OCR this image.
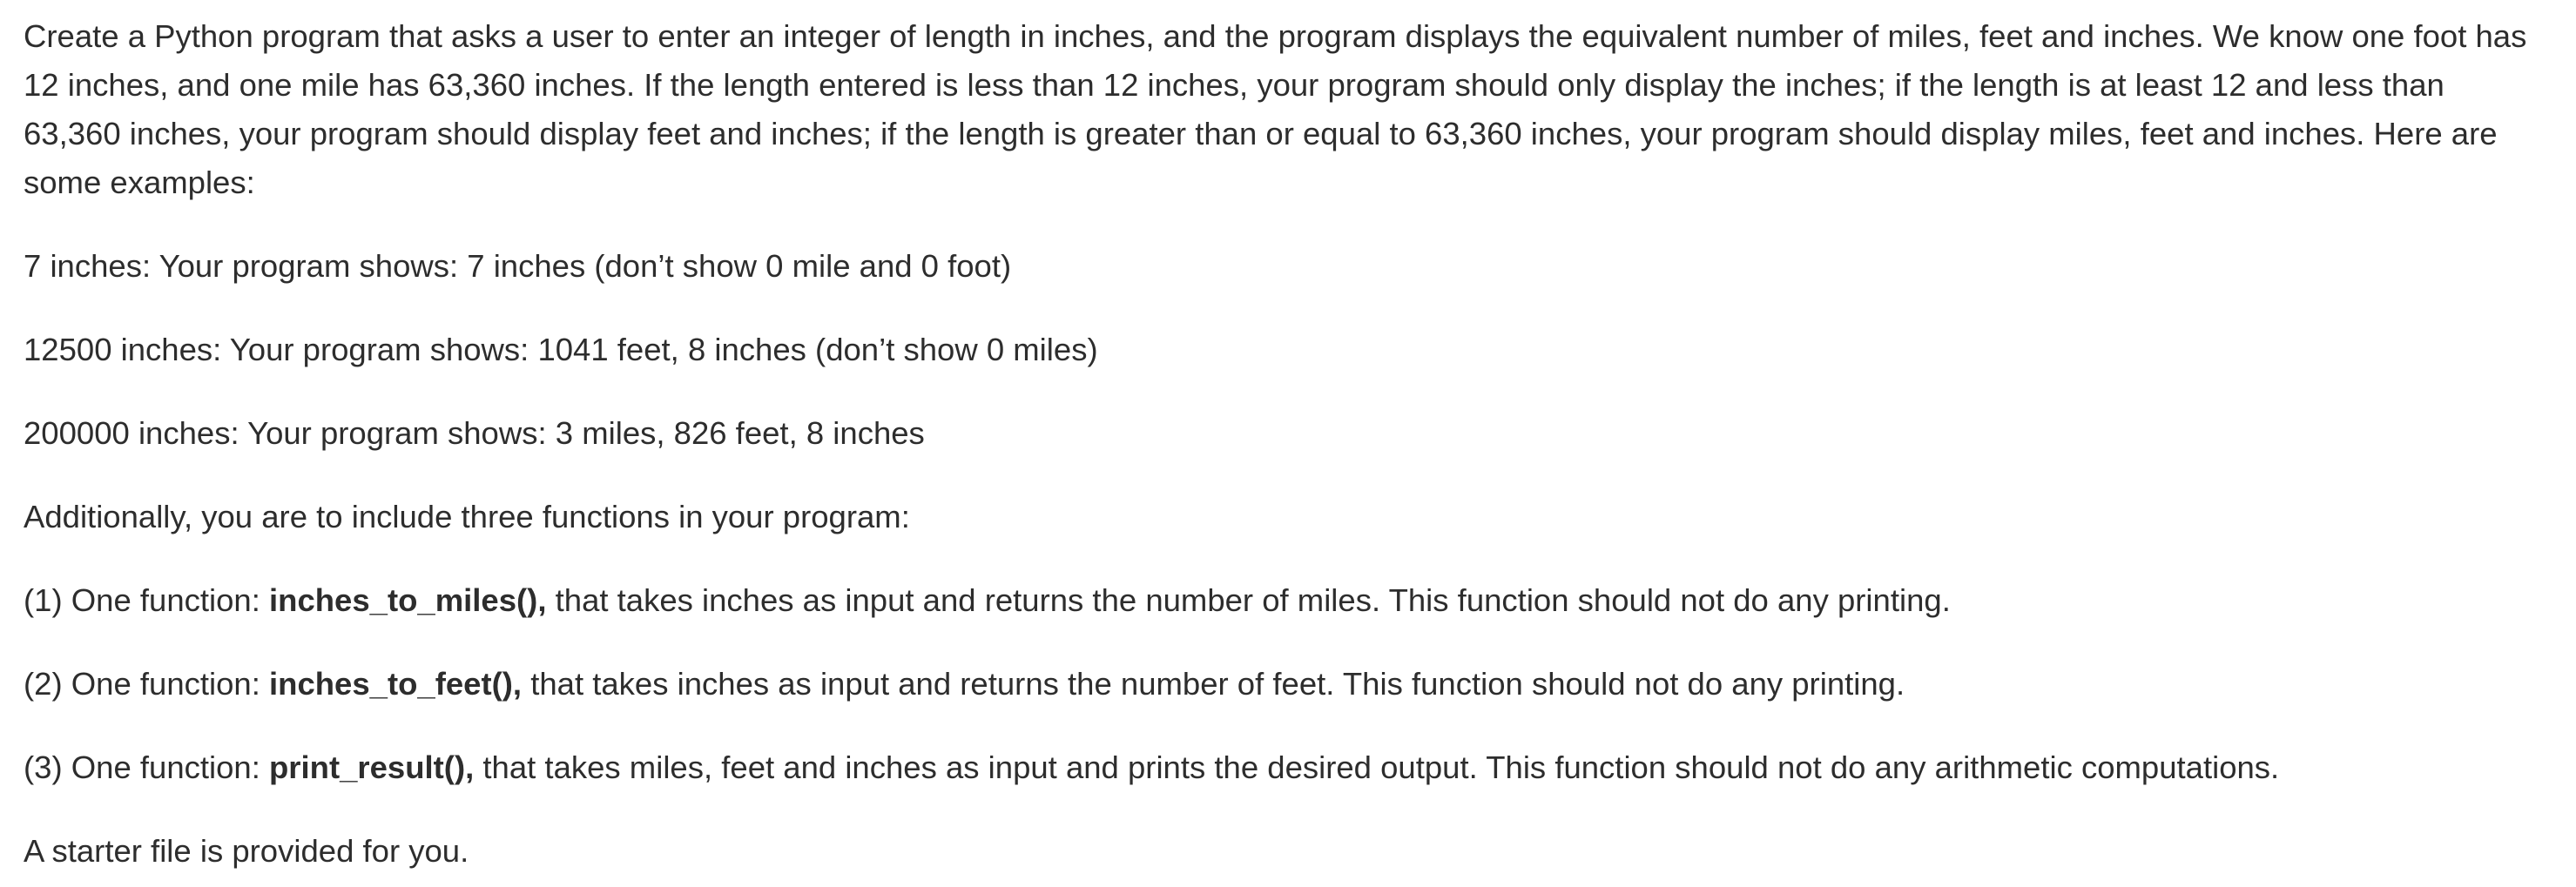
Create a Python program that asks a user to enter an integer of length in inches, and the program displays the equivalent number of miles, feet and inches. We know one foot has 12 inches, and one mile has 63,360 inches. If the length entered is less than 12 inches, your program should only display the inches; if the length is at least 12 and less than 63,360 inches, your program should display feet and inches; if the length is greater than or equal to 63,360 inches, your program should display miles, feet and inches. Here are some examples:

7 inches: Your program shows: 7 inches (don’t show 0 mile and 0 foot)

12500 inches: Your program shows: 1041 feet, 8 inches (don’t show 0 miles)

200000 inches: Your program shows: 3 miles, 826 feet, 8 inches

Additionally, you are to include three functions in your program:

(1) One function: inches_to_miles(), that takes inches as input and returns the number of miles. This function should not do any printing.

(2) One function: inches_to_feet(), that takes inches as input and returns the number of feet. This function should not do any printing.

(3) One function: print_result(), that takes miles, feet and inches as input and prints the desired output. This function should not do any arithmetic computations.

A starter file is provided for you.
